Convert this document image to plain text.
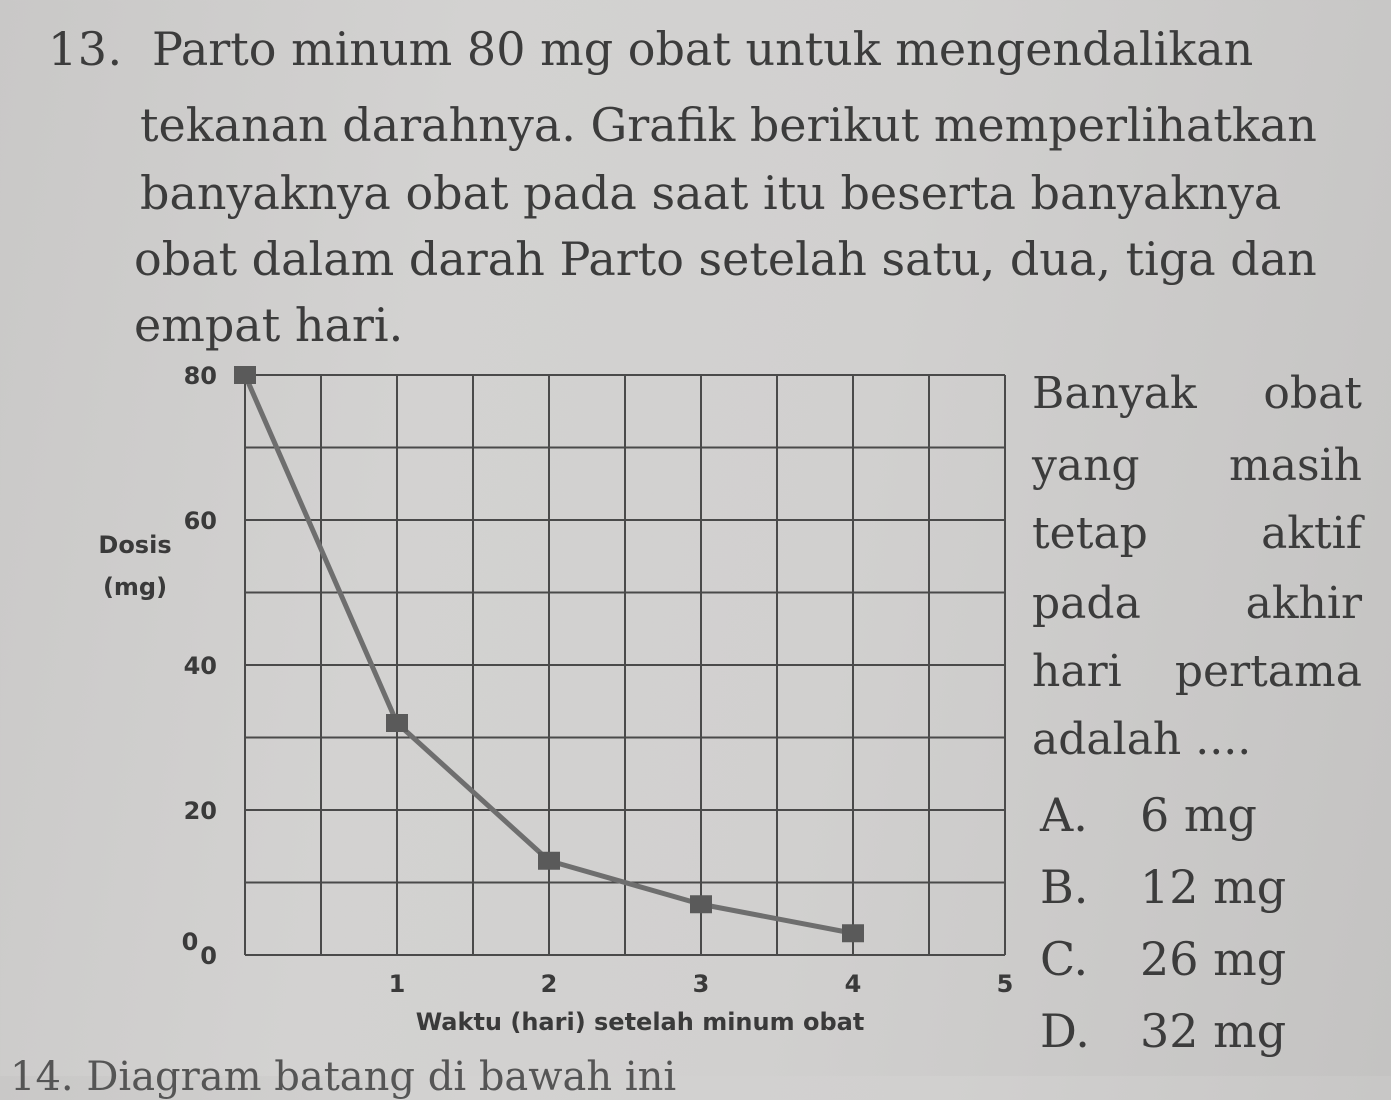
13. Parto minum 80 mg obat untuk mengendalikan
tekanan darahnya. Grafik berikut memperlihatkan
banyaknya obat pada saat itu beserta banyaknya
obat dalam darah Parto setelah satu, dua, tiga dan
empat hari.
0
20
40
60
80
0
1	2	3	4	5
Dosis
(mg)
Waktu (hari) setelah minum obat
Banyak obat
yang masih
tetap	aktif
pada akhir
hari pertama
adalah ....
A. 6 mg
B. 12 mg
C. 26 mg
D. 32 mg
14. Diagram batang di bawah ini
